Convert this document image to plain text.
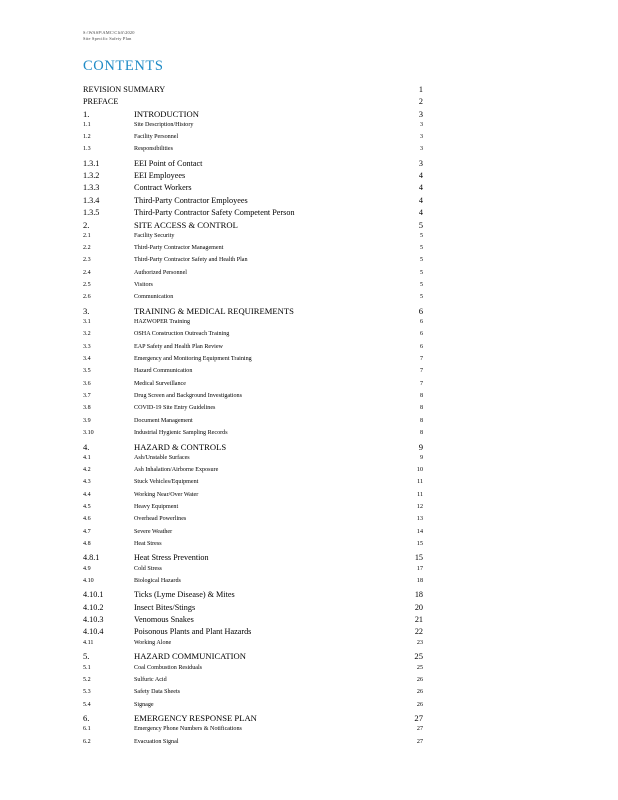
S:\WASP\AMC\Cliff\2020
Site Specific Safety Plan
CONTENTS
REVISION SUMMARY	1
PREFACE	2
1.	INTRODUCTION	3
1.1	Site Description/History	3
1.2	Facility Personnel	3
1.3	Responsibilities	3
1.3.1	EEI Point of Contact	3
1.3.2	EEI Employees	4
1.3.3	Contract Workers	4
1.3.4	Third-Party Contractor Employees	4
1.3.5	Third-Party Contractor Safety Competent Person	4
2.	SITE ACCESS & CONTROL	5
2.1	Facility Security	5
2.2	Third-Party Contractor Management	5
2.3	Third-Party Contractor Safety and Health Plan	5
2.4	Authorized Personnel	5
2.5	Visitors	5
2.6	Communication	5
3.	TRAINING & MEDICAL REQUIREMENTS	6
3.1	HAZWOPER Training	6
3.2	OSHA Construction Outreach Training	6
3.3	EAP Safety and Health Plan Review	6
3.4	Emergency and Monitoring Equipment Training	7
3.5	Hazard Communication	7
3.6	Medical Surveillance	7
3.7	Drug Screen and Background Investigations	8
3.8	COVID-19 Site Entry Guidelines	8
3.9	Document Management	8
3.10	Industrial Hygienic Sampling Records	8
4.	HAZARD & CONTROLS	9
4.1	Ash/Unstable Surfaces	9
4.2	Ash Inhalation/Airborne Exposure	10
4.3	Stuck Vehicles/Equipment	11
4.4	Working Near/Over Water	11
4.5	Heavy Equipment	12
4.6	Overhead Powerlines	13
4.7	Severe Weather	14
4.8	Heat Stress	15
4.8.1	Heat Stress Prevention	15
4.9	Cold Stress	17
4.10	Biological Hazards	18
4.10.1	Ticks (Lyme Disease) & Mites	18
4.10.2	Insect Bites/Stings	20
4.10.3	Venomous Snakes	21
4.10.4	Poisonous Plants and Plant Hazards	22
4.11	Working Alone	23
5.	HAZARD COMMUNICATION	25
5.1	Coal Combustion Residuals	25
5.2	Sulfuric Acid	26
5.3	Safety Data Sheets	26
5.4	Signage	26
6.	EMERGENCY RESPONSE PLAN	27
6.1	Emergency Phone Numbers & Notifications	27
6.2	Evacuation Signal	27
